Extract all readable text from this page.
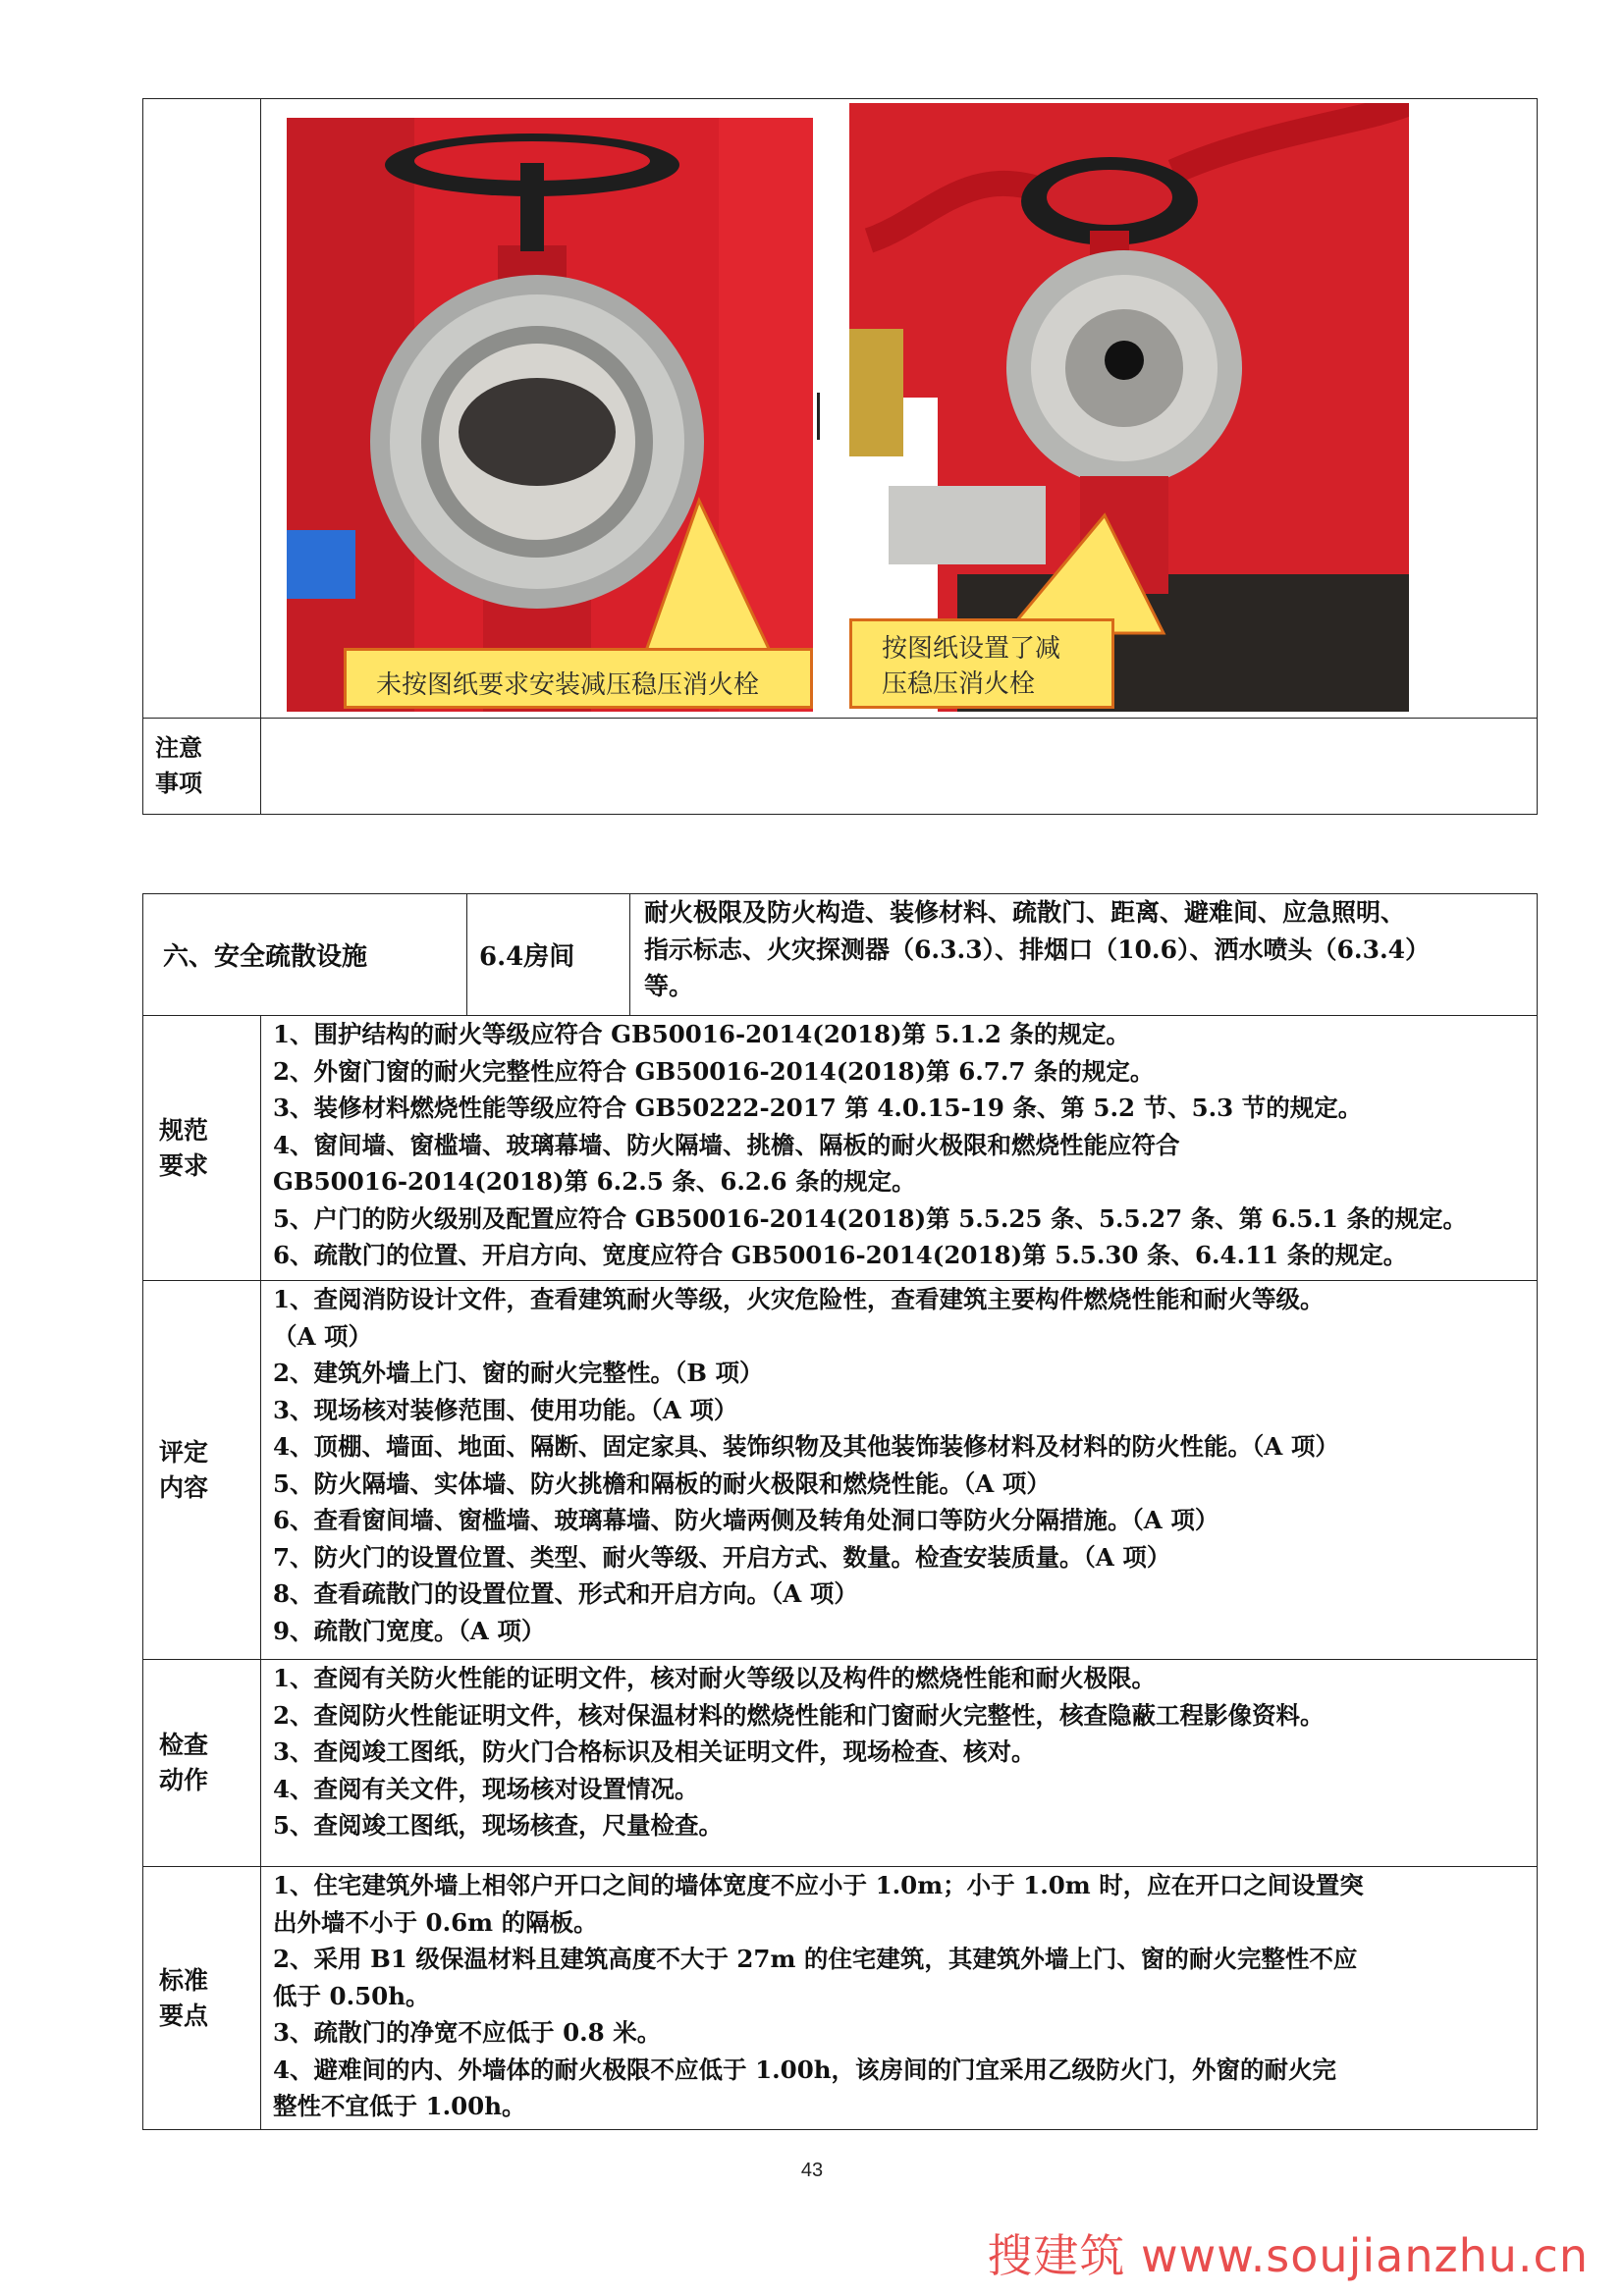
注意
事项
未按图纸要求安装减压稳压消火栓
按图纸设置了减
压稳压消火栓
六、安全疏散设施	6.4房间

耐火极限及防火构造、装修材料、疏散门、距离、避难间、应急照明、

指示标志、火灾探测器（6.3.3）、排烟口（10.6）、洒水喷头（6.3.4）

等。

规范
要求

1、围护结构的耐火等级应符合 GB50016-2014(2018)第 5.1.2 条的规定。

2、外窗门窗的耐火完整性应符合 GB50016-2014(2018)第 6.7.7 条的规定。

3、装修材料燃烧性能等级应符合 GB50222-2017 第 4.0.15-19 条、第 5.2 节、5.3 节的规定。

4、窗间墙、窗槛墙、玻璃幕墙、防火隔墙、挑檐、隔板的耐火极限和燃烧性能应符合

GB50016-2014(2018)第 6.2.5 条、6.2.6 条的规定。

5、户门的防火级别及配置应符合 GB50016-2014(2018)第 5.5.25 条、5.5.27 条、第 6.5.1 条的规定。

6、疏散门的位置、开启方向、宽度应符合 GB50016-2014(2018)第 5.5.30 条、6.4.11 条的规定。

评定
内容

1、查阅消防设计文件，查看建筑耐火等级，火灾危险性，查看建筑主要构件燃烧性能和耐火等级。

（A 项）

2、建筑外墙上门、窗的耐火完整性。（B 项）

3、现场核对装修范围、使用功能。（A 项）

4、顶棚、墙面、地面、隔断、固定家具、装饰织物及其他装饰装修材料及材料的防火性能。（A 项）

5、防火隔墙、实体墙、防火挑檐和隔板的耐火极限和燃烧性能。（A 项）

6、查看窗间墙、窗槛墙、玻璃幕墙、防火墙两侧及转角处洞口等防火分隔措施。（A 项）

7、防火门的设置位置、类型、耐火等级、开启方式、数量。检查安装质量。（A 项）

8、查看疏散门的设置位置、形式和开启方向。（A 项）

9、疏散门宽度。（A 项）

检查
动作

1、查阅有关防火性能的证明文件，核对耐火等级以及构件的燃烧性能和耐火极限。

2、查阅防火性能证明文件，核对保温材料的燃烧性能和门窗耐火完整性，核查隐蔽工程影像资料。

3、查阅竣工图纸，防火门合格标识及相关证明文件，现场检查、核对。

4、查阅有关文件，现场核对设置情况。

5、查阅竣工图纸，现场核查，尺量检查。

标准
要点

1、住宅建筑外墙上相邻户开口之间的墙体宽度不应小于 1.0m；小于 1.0m 时，应在开口之间设置突

出外墙不小于 0.6m 的隔板。

2、采用 B1 级保温材料且建筑高度不大于 27m 的住宅建筑，其建筑外墙上门、窗的耐火完整性不应

低于 0.50h。

3、疏散门的净宽不应低于 0.8 米。

4、避难间的内、外墙体的耐火极限不应低于 1.00h，该房间的门宜采用乙级防火门，外窗的耐火完

整性不宜低于 1.00h。

43
搜建筑 www.soujianzhu.cn
